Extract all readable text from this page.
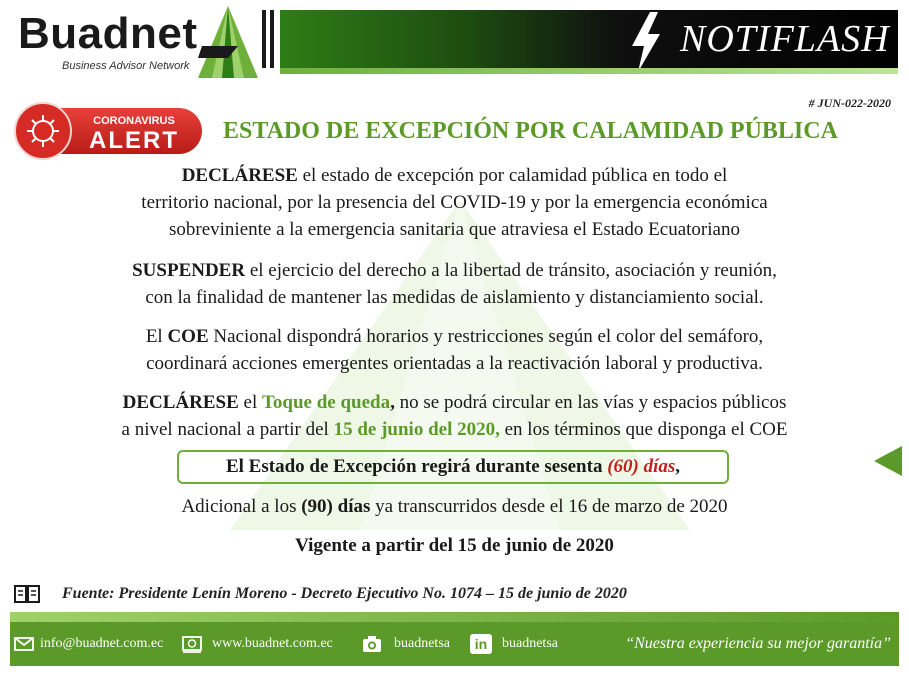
Buadnet
Business Advisor Network
NOTIFLASH
CORONAVIRUS
ALERT
# JUN-022-2020
ESTADO DE EXCEPCIÓN POR CALAMIDAD PÚBLICA
DECLÁRESE el estado de excepción por calamidad pública en todo el
territorio nacional, por la presencia del COVID-19 y por la emergencia económica
sobreviniente a la emergencia sanitaria que atraviesa el Estado Ecuatoriano
SUSPENDER el ejercicio del derecho a la libertad de tránsito, asociación y reunión,
con la finalidad de mantener las medidas de aislamiento y distanciamiento social.
El COE Nacional dispondrá horarios y restricciones según el color del semáforo,
coordinará acciones emergentes orientadas a la reactivación laboral y productiva.
DECLÁRESE el Toque de queda, no se podrá circular en las vías y espacios públicos
a nivel nacional a partir del 15 de junio del 2020, en los términos que disponga el COE
El Estado de Excepción regirá durante sesenta (60) días,
Adicional a los (90) días ya transcurridos desde el 16 de marzo de 2020
Vigente a partir del 15 de junio de 2020
Fuente: Presidente Lenín Moreno - Decreto Ejecutivo No. 1074 – 15 de junio de 2020
info@buadnet.com.ec	www.buadnet.com.ec	buadnetsa	in	buadnetsa	“Nuestra experiencia su mejor garantía”
